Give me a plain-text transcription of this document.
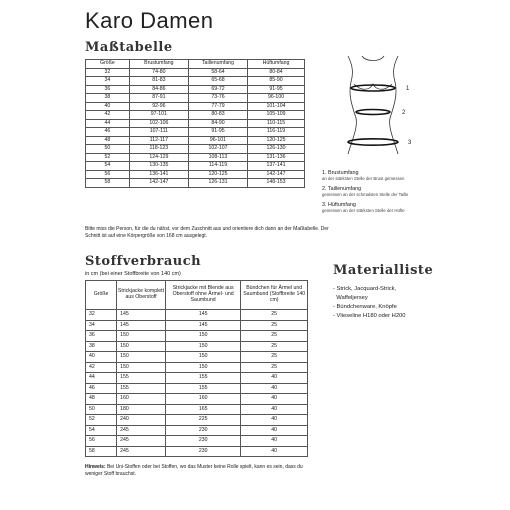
Karo Damen
Maßtabelle
Größe	Brustumfang	Taillenumfang	Hüftumfang
32	74-80	58-64	80-84
34	81-83	65-68	85-90
36	84-86	69-72	91-95
38	87-91	73-76	96-100
40	92-96	77-79	101-104
42	97-101	80-83	105-109
44	102-106	84-90	110-115
46	107-111	91-95	116-119
48	112-117	96-101	120-125
50	118-123	102-107	126-130
52	124-129	108-113	131-136
54	130-135	114-119	137-141
56	136-141	120-125	142-147
58	142-147	126-131	148-153
Bitte miss die Person, für die du nähst, vor dem Zuschnitt aus und orientiere dich dann an der Maßtabelle. Der Schnitt ist auf eine Körpergröße von 168 cm ausgelegt.
1
2
3
1. Brustumfang
an der stärksten Stelle der Brust gemessen
2. Taillenumfang
gemessen an der schmalsten Stelle der Taille
3. Hüftumfang
gemessen an der stärksten Stelle der Hüfte
Stoffverbrauch
in cm (bei einer Stoffbreite von 140 cm)
Größe	Strickjacke komplett aus Oberstoff	Strickjacke mit Blende aus Oberstoff ohne Ärmel- und Saumbund	Bündchen für Ärmel und Saumbund (Stoffbreite 140 cm)
32	145	145	25
34	145	145	25
36	150	150	25
38	150	150	25
40	150	150	25
42	150	150	25
44	155	155	40
46	155	155	40
48	160	160	40
50	180	165	40
52	240	225	40
54	245	230	40
56	245	230	40
58	245	230	40
Hinweis: Bei Uni-Stoffen oder bei Stoffen, wo das Muster keine Rolle spielt, kann es sein, dass du weniger Stoff brauchst.
Materialliste
- Strick, Jacquard-Strick,
Waffeljersey
- Bündchenware, Knöpfe
- Vlieseline H180 oder H200
